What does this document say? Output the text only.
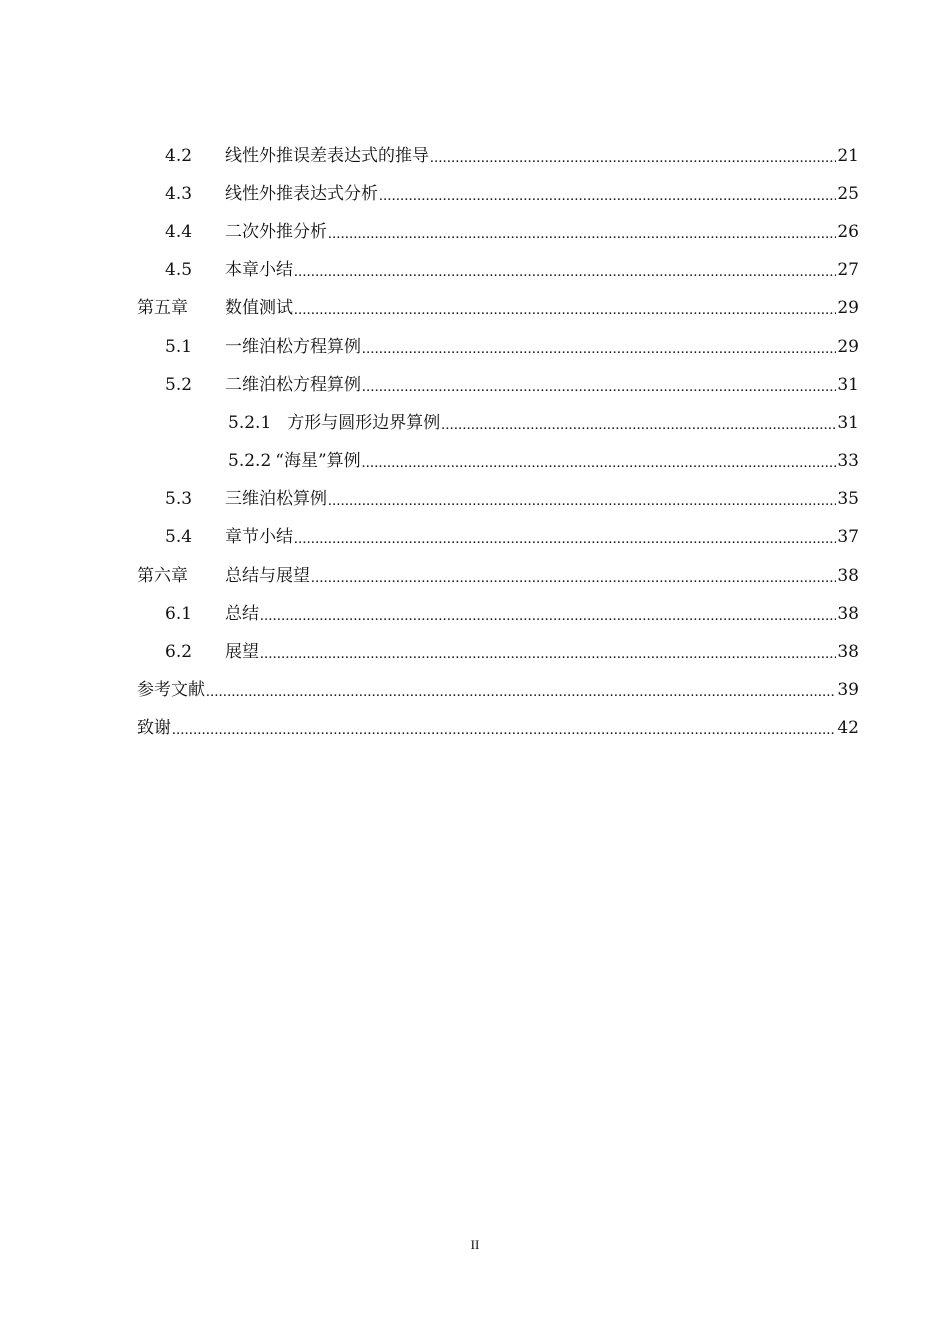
4.2	线性外推误差表达式的推导 .....	21
4.3	线性外推表达式分析 .....	25
4.4	二次外推分析 .....	26
4.5	本章小结 .....	27
第五章	数值测试 .....	29
5.1	一维泊松方程算例 .....	29
5.2	二维泊松方程算例 .....	31
5.2.1 方形与圆形边界算例 .....	31
5.2.2 “海星”算例 .....	33
5.3	三维泊松算例 .....	35
5.4	章节小结 .....	37
第六章	总结与展望 .....	38
6.1	总结 .....	38
6.2	展望 .....	38
参考文献 .....	39
致谢 .....	42
II
